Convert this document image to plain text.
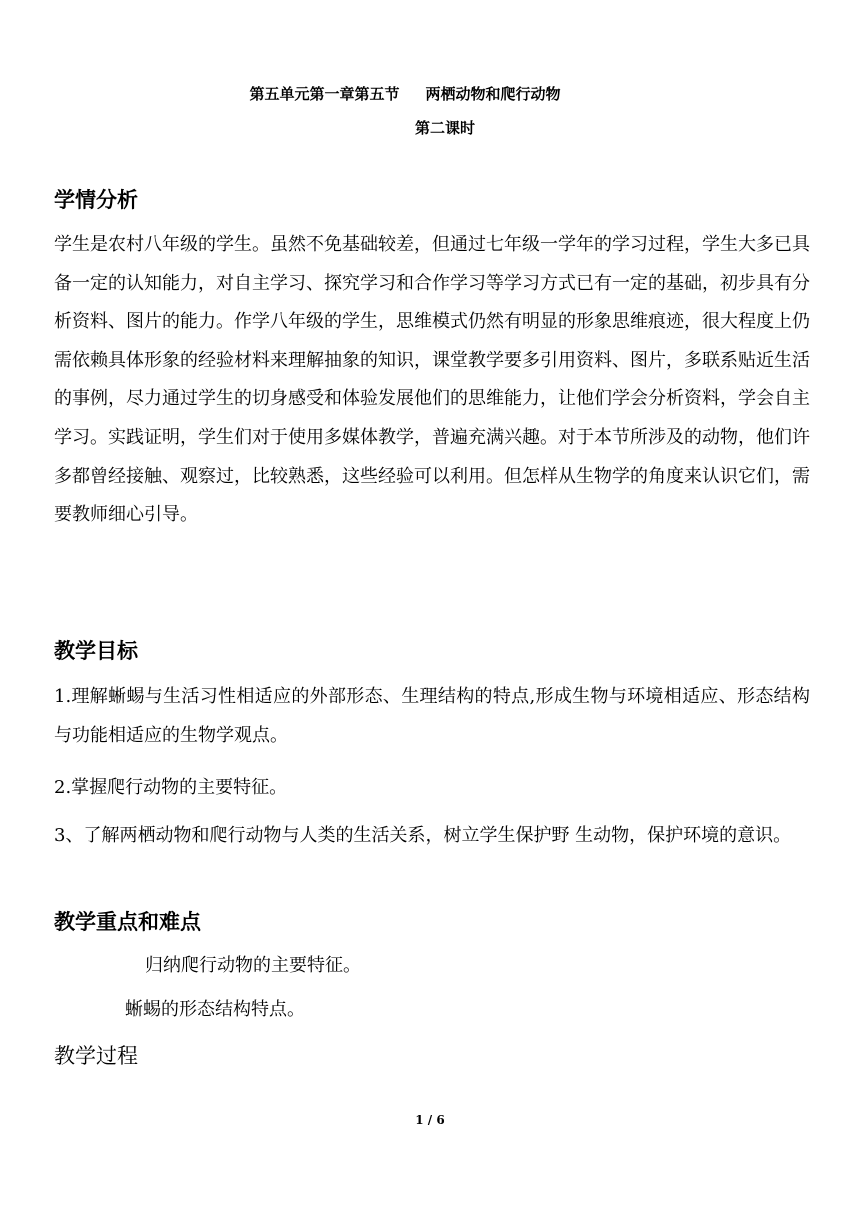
第五单元第一章第五节     两栖动物和爬行动物
第二课时
学情分析
学生是农村八年级的学生。虽然不免基础较差，但通过七年级一学年的学习过程，学生大多已具备一定的认知能力，对自主学习、探究学习和合作学习等学习方式已有一定的基础，初步具有分析资料、图片的能力。作学八年级的学生，思维模式仍然有明显的形象思维痕迹，很大程度上仍需依赖具体形象的经验材料来理解抽象的知识，课堂教学要多引用资料、图片，多联系贴近生活的事例，尽力通过学生的切身感受和体验发展他们的思维能力，让他们学会分析资料，学会自主学习。实践证明，学生们对于使用多媒体教学，普遍充满兴趣。对于本节所涉及的动物，他们许多都曾经接触、观察过，比较熟悉，这些经验可以利用。但怎样从生物学的角度来认识它们，需要教师细心引导。
教学目标
1.理解蜥蜴与生活习性相适应的外部形态、生理结构的特点,形成生物与环境相适应、形态结构与功能相适应的生物学观点。
2.掌握爬行动物的主要特征。
3、了解两栖动物和爬行动物与人类的生活关系，树立学生保护野 生动物，保护环境的意识。
教学重点和难点
归纳爬行动物的主要特征。
蜥蜴的形态结构特点。
教学过程
1 / 6
